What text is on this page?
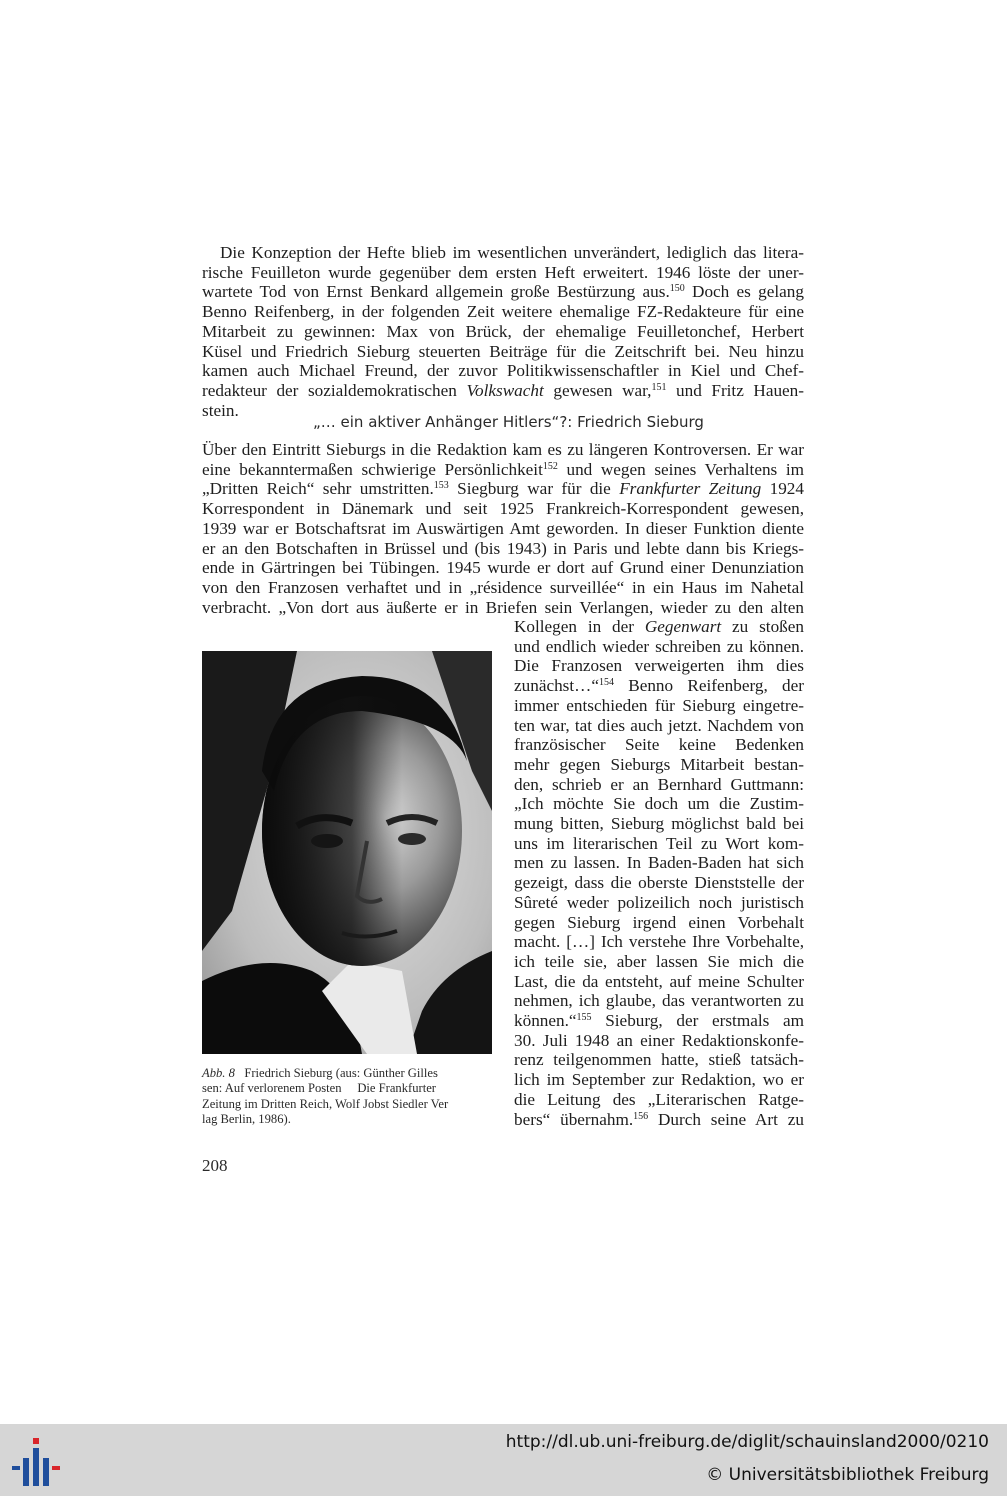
Die Konzeption der Hefte blieb im wesentlichen unverändert, lediglich das litera-
rische Feuilleton wurde gegenüber dem ersten Heft erweitert. 1946 löste der uner-
wartete Tod von Ernst Benkard allgemein große Bestürzung aus.$^{150}$ Doch es gelang
Benno Reifenberg, in der folgenden Zeit weitere ehemalige FZ-Redakteure für eine
Mitarbeit zu gewinnen: Max von Brück, der ehemalige Feuilletonchef, Herbert
Küsel und Friedrich Sieburg steuerten Beiträge für die Zeitschrift bei. Neu hinzu
kamen auch Michael Freund, der zuvor Politikwissenschaftler in Kiel und Chef-
redakteur der sozialdemokratischen Volkswacht gewesen war,$^{151}$ und Fritz Hauen-
stein.
„… ein aktiver Anhänger Hitlers“?: Friedrich Sieburg
Über den Eintritt Sieburgs in die Redaktion kam es zu längeren Kontroversen. Er war
eine bekanntermaßen schwierige Persönlichkeit$^{152}$ und wegen seines Verhaltens im
„Dritten Reich“ sehr umstritten.$^{153}$ Siegburg war für die Frankfurter Zeitung 1924
Korrespondent in Dänemark und seit 1925 Frankreich-Korrespondent gewesen,
1939 war er Botschaftsrat im Auswärtigen Amt geworden. In dieser Funktion diente
er an den Botschaften in Brüssel und (bis 1943) in Paris und lebte dann bis Kriegs-
ende in Gärtringen bei Tübingen. 1945 wurde er dort auf Grund einer Denunziation
von den Franzosen verhaftet und in „résidence surveillée“ in ein Haus im Nahetal
verbracht. „Von dort aus äußerte er in Briefen sein Verlangen, wieder zu den alten
Kollegen in der Gegenwart zu stoßen
und endlich wieder schreiben zu können.
Die Franzosen verweigerten ihm dies
zunächst…“$^{154}$ Benno Reifenberg, der
immer entschieden für Sieburg eingetre-
ten war, tat dies auch jetzt. Nachdem von
französischer Seite keine Bedenken
mehr gegen Sieburgs Mitarbeit bestan-
den, schrieb er an Bernhard Guttmann:
„Ich möchte Sie doch um die Zustim-
mung bitten, Sieburg möglichst bald bei
uns im literarischen Teil zu Wort kom-
men zu lassen. In Baden-Baden hat sich
gezeigt, dass die oberste Dienststelle der
Sûreté weder polizeilich noch juristisch
gegen Sieburg irgend einen Vorbehalt
macht. […] Ich verstehe Ihre Vorbehalte,
ich teile sie, aber lassen Sie mich die
Last, die da entsteht, auf meine Schulter
nehmen, ich glaube, das verantworten zu
können.“$^{155}$ Sieburg, der erstmals am
30. Juli 1948 an einer Redaktionskonfe-
renz teilgenommen hatte, stieß tatsäch-
lich im September zur Redaktion, wo er
die Leitung des „Literarischen Ratge-
bers“ übernahm.$^{156}$ Durch seine Art zu
Abb. 8 Friedrich Sieburg (aus: Günther Gilles
sen: Auf verlorenem Posten Die Frankfurter
Zeitung im Dritten Reich, Wolf Jobst Siedler Ver
lag Berlin, 1986).
208
http://dl.ub.uni-freiburg.de/diglit/schauinsland2000/0210
© Universitätsbibliothek Freiburg
